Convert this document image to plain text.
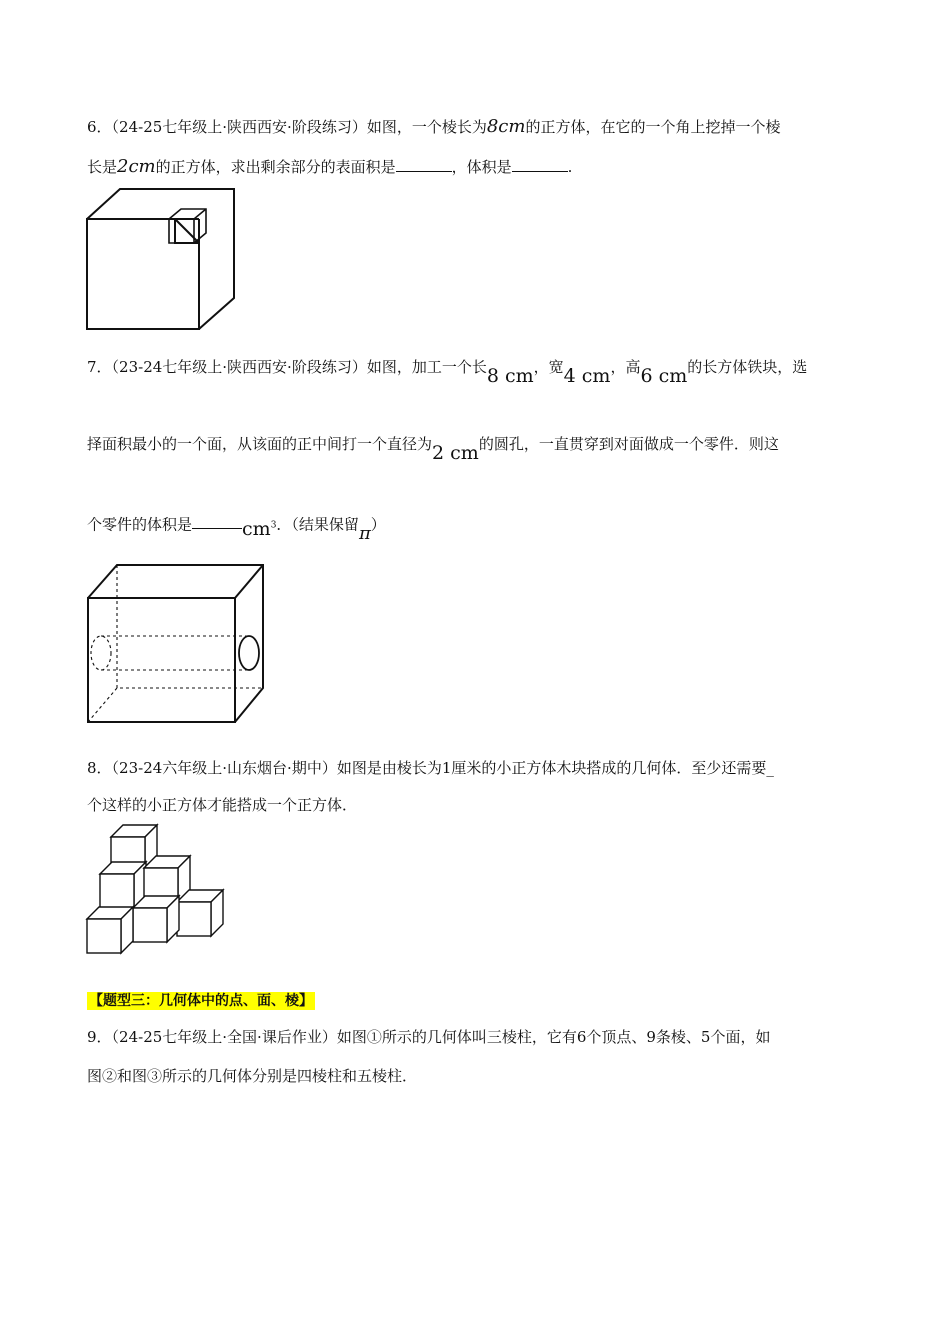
6．（24-25七年级上·陕西西安·阶段练习）如图，一个棱长为8cm的正方体，在它的一个角上挖掉一个棱
长是2cm的正方体，求出剩余部分的表面积是	，体积是	.
7．（23-24七年级上·陕西西安·阶段练习）如图，加工一个长8 cm，宽4 cm，高6 cm的长方体铁块，选
择面积最小的一个面，从该面的正中间打一个直径为2 cm的圆孔，一直贯穿到对面做成一个零件．则这
个零件的体积是	$cm^3$．（结果保留π）
8．（23-24六年级上·山东烟台·期中）如图是由棱长为1厘米的小正方体木块搭成的几何体．至少还需要_
个这样的小正方体才能搭成一个正方体．
【题型三：几何体中的点、面、棱】
9．（24-25七年级上·全国·课后作业）如图①所示的几何体叫三棱柱，它有6个顶点、9条棱、5个面，如
图②和图③所示的几何体分别是四棱柱和五棱柱．
